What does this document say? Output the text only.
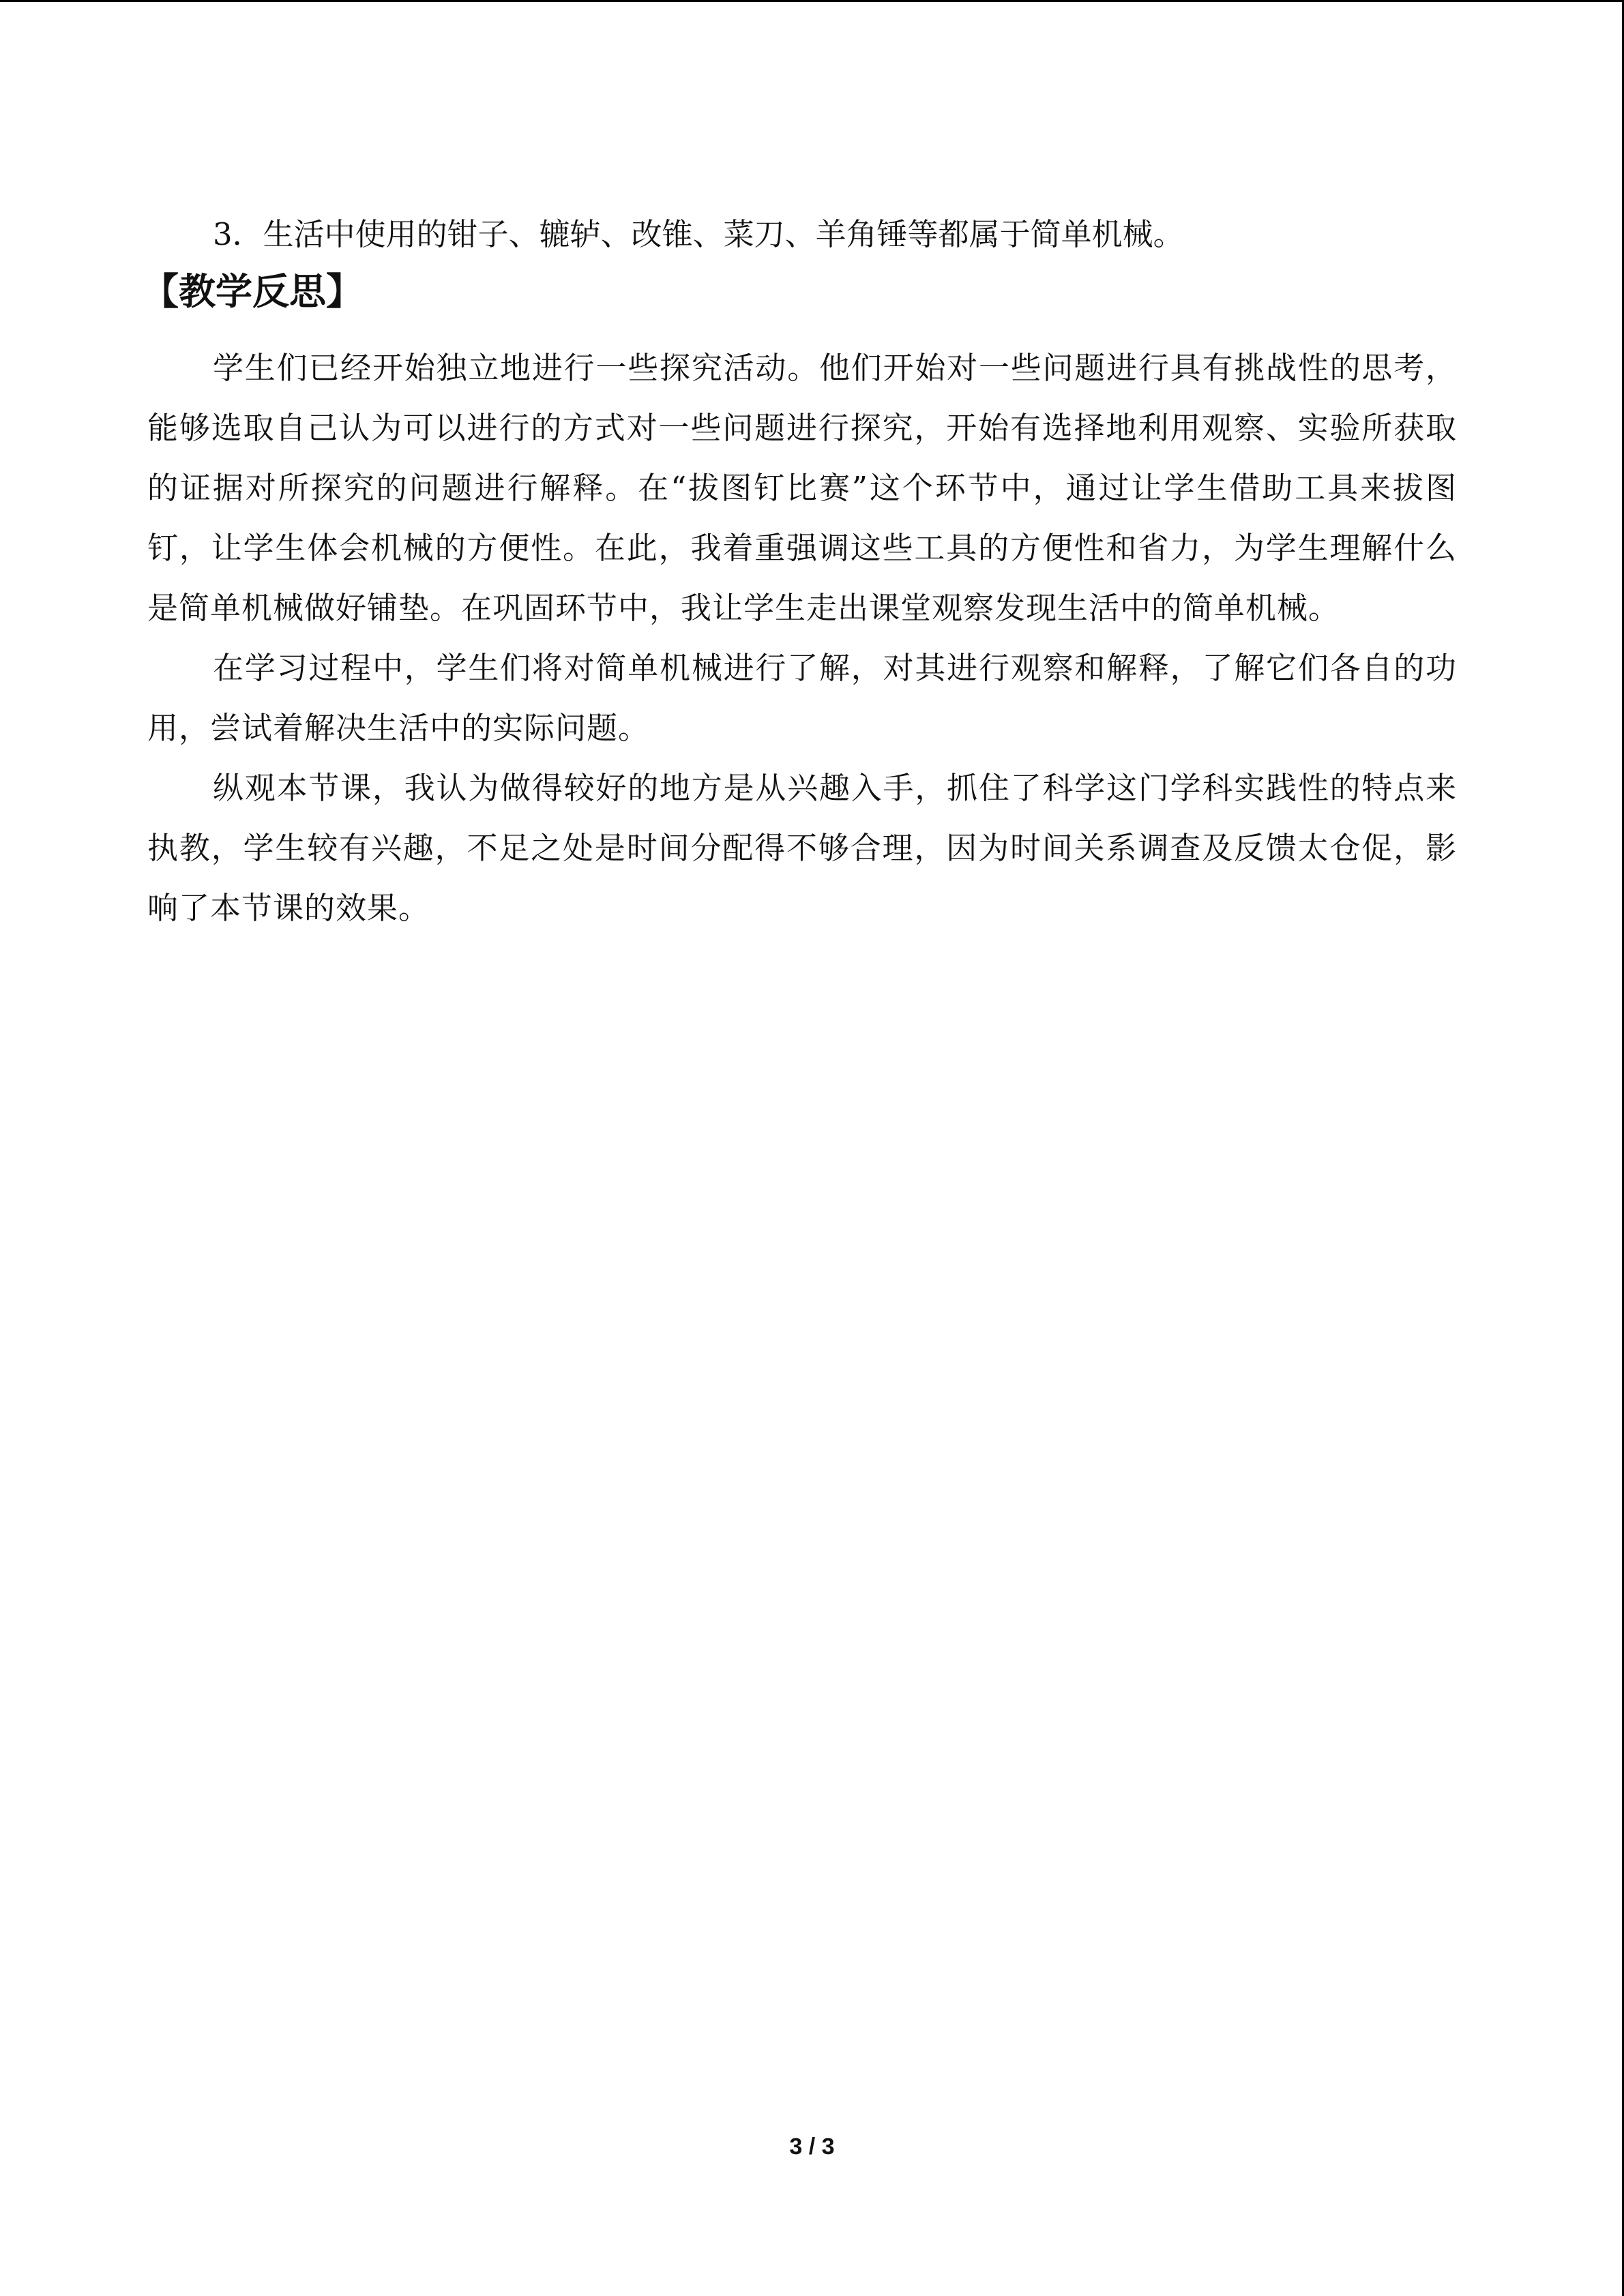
3．生活中使用的钳子、辘轳、改锥、菜刀、羊角锤等都属于简单机械。

【教学反思】

学生们已经开始独立地进行一些探究活动。他们开始对一些问题进行具有挑战性的思考，能够选取自己认为可以进行的方式对一些问题进行探究，开始有选择地利用观察、实验所获取的证据对所探究的问题进行解释。在“拔图钉比赛”这个环节中，通过让学生借助工具来拔图钉，让学生体会机械的方便性。在此，我着重强调这些工具的方便性和省力，为学生理解什么是简单机械做好铺垫。在巩固环节中，我让学生走出课堂观察发现生活中的简单机械。

在学习过程中，学生们将对简单机械进行了解，对其进行观察和解释，了解它们各自的功用，尝试着解决生活中的实际问题。

纵观本节课，我认为做得较好的地方是从兴趣入手，抓住了科学这门学科实践性的特点来执教，学生较有兴趣，不足之处是时间分配得不够合理，因为时间关系调查及反馈太仓促，影响了本节课的效果。

3 / 3
